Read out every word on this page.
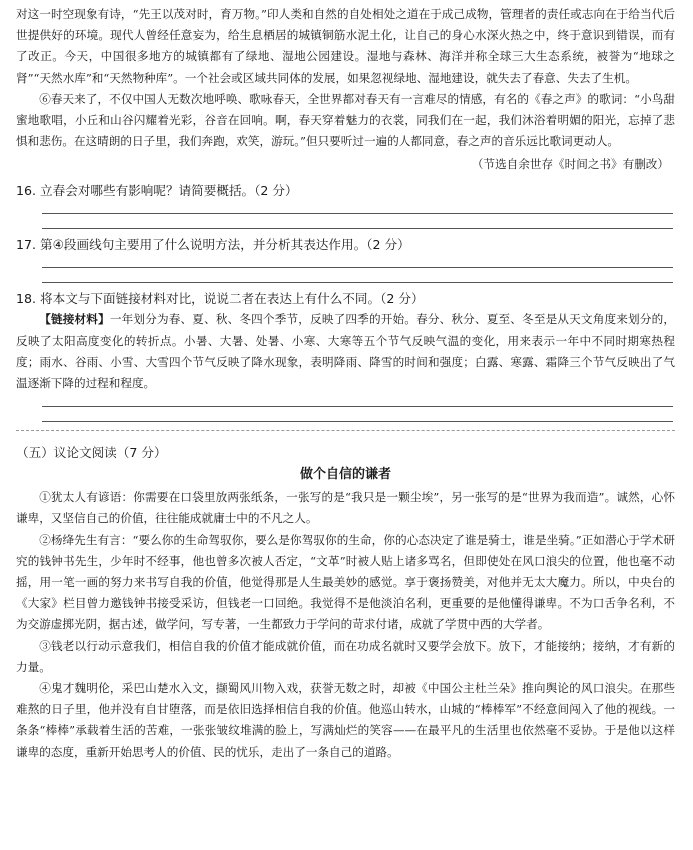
对这一时空现象有诗，“先王以茂对时，育万物。”印人类和自然的自处相处之道在于成己成物，管理者的责任或志向在于给当代后世提供好的环境。现代人曾经任意妄为，给生息栖居的城镇铜筋水泥土化，让自己的身心水深火热之中，终于意识到错误，而有了改正。今天，中国很多地方的城镇都有了绿地、湿地公园建设。湿地与森林、海洋并称全球三大生态系统，被誉为“地球之肾”“天然水库”和“天然物种库”。一个社会或区域共同体的发展，如果忽视绿地、湿地建设，就失去了春意、失去了生机。

⑥春天来了，不仅中国人无数次地呼唤、歌咏春天，全世界都对春天有一言难尽的情感，有名的《春之声》的歌词：“小鸟甜蜜地歌唱，小丘和山谷闪耀着光彩，谷音在回响。啊，春天穿着魅力的衣裳，同我们在一起，我们沐浴着明媚的阳光，忘掉了悲惧和悲伤。在这晴朗的日子里，我们奔跑，欢笑，游玩。”但只要听过一遍的人都同意，春之声的音乐远比歌词更动人。

（节选自余世存《时间之书》有删改）

16. 立春会对哪些有影响呢？请简要概括。（2 分）

17. 第④段画线句主要用了什么说明方法，并分析其表达作用。（2 分）

18. 将本文与下面链接材料对比，说说二者在表达上有什么不同。（2 分）

【链接材料】一年划分为春、夏、秋、冬四个季节，反映了四季的开始。春分、秋分、夏至、冬至是从天文角度来划分的，反映了太阳高度变化的转折点。小暑、大暑、处暑、小寒、大寒等五个节气反映气温的变化，用来表示一年中不同时期寒热程度；雨水、谷雨、小雪、大雪四个节气反映了降水现象，表明降雨、降雪的时间和强度；白露、寒露、霜降三个节气反映出了气温逐渐下降的过程和程度。

（五）议论文阅读（7 分）

做个自信的谦者

①犹太人有谚语：你需要在口袋里放两张纸条，一张写的是“我只是一颗尘埃”，另一张写的是“世界为我而造”。诚然，心怀谦卑，又坚信自己的价值，往往能成就庸士中的不凡之人。

②杨绛先生有言：“要么你的生命驾驭你，要么是你驾驭你的生命，你的心态决定了谁是骑士，谁是坐骑。”正如潜心于学术研究的钱钟书先生，少年时不经事，他也曾多次被人否定，“文革”时被人贴上诸多骂名，但即使处在风口浪尖的位置，他也毫不动摇，用一笔一画的努力来书写自我的价值，他觉得那是人生最美妙的感觉。享于褒扬赞美，对他并无太大魔力。所以，中央台的《大家》栏目曾力邀钱钟书接受采访，但钱老一口回绝。我觉得不是他淡泊名利，更重要的是他懂得谦卑。不为口舌争名利，不为交游虚掷光阴，据古述，做学问，写专著，一生都致力于学问的苛求付诸，成就了学贯中西的大学者。

③钱老以行动示意我们，相信自我的价值才能成就价值，而在功成名就时又要学会放下。放下，才能接纳；接纳，才有新的力量。

④鬼才魏明伦，采巴山楚水入文，撷蜀风川物入戏，获誉无数之时，却被《中国公主杜兰朵》推向舆论的风口浪尖。在那些难熬的日子里，他并没有自甘堕落，而是依旧选择相信自我的价值。他巡山转水，山城的“棒棒军”不经意间闯入了他的视线。一条条“棒棒”承载着生活的苦难，一张张皱纹堆满的脸上，写满灿烂的笑容——在最平凡的生活里也依然毫不妥协。于是他以这样谦卑的态度，重新开始思考人的价值、民的忧乐，走出了一条自己的道路。
